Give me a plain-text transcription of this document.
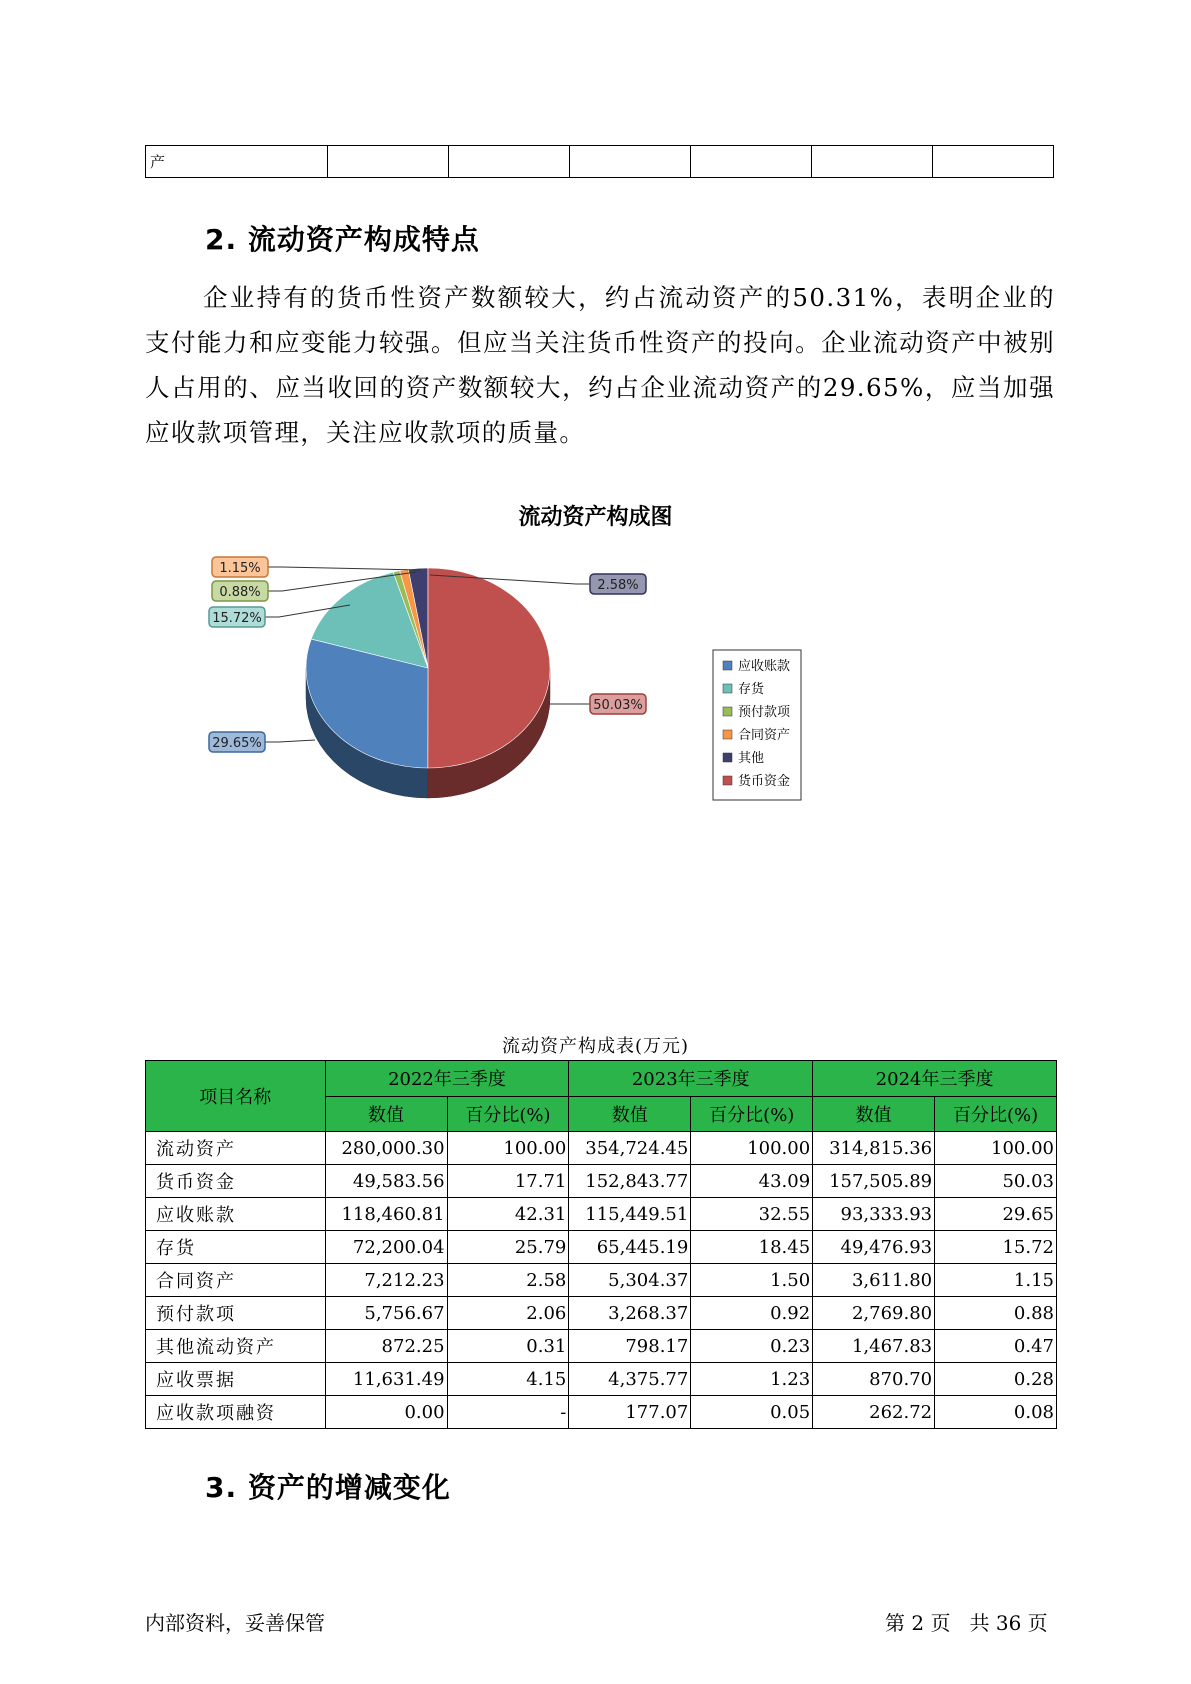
产						
2. 流动资产构成特点

企业持有的货币性资产数额较大，约占流动资产的50.31%，表明企业的支付能力和应变能力较强。但应当关注货币性资产的投向。企业流动资产中被别人占用的、应当收回的资产数额较大，约占企业流动资产的29.65%，应当加强应收款项管理，关注应收款项的质量。

流动资产构成图
2.58%
50.03%
29.65%
15.72%
0.88%
1.15%
应收账款
存货
预付款项
合同资产
其他
货币资金
流动资产构成表(万元)
项目名称	2022年三季度		2023年三季度		2024年三季度	
	数值	百分比(%)	数值	百分比(%)	数值	百分比(%)
流动资产	280,000.30	100.00	354,724.45	100.00	314,815.36	100.00
货币资金	49,583.56	17.71	152,843.77	43.09	157,505.89	50.03
应收账款	118,460.81	42.31	115,449.51	32.55	93,333.93	29.65
存货	72,200.04	25.79	65,445.19	18.45	49,476.93	15.72
合同资产	7,212.23	2.58	5,304.37	1.50	3,611.80	1.15
预付款项	5,756.67	2.06	3,268.37	0.92	2,769.80	0.88
其他流动资产	872.25	0.31	798.17	0.23	1,467.83	0.47
应收票据	11,631.49	4.15	4,375.77	1.23	870.70	0.28
应收款项融资	0.00	-	177.07	0.05	262.72	0.08
3. 资产的增减变化
内部资料，妥善保管	第 2 页   共 36 页
